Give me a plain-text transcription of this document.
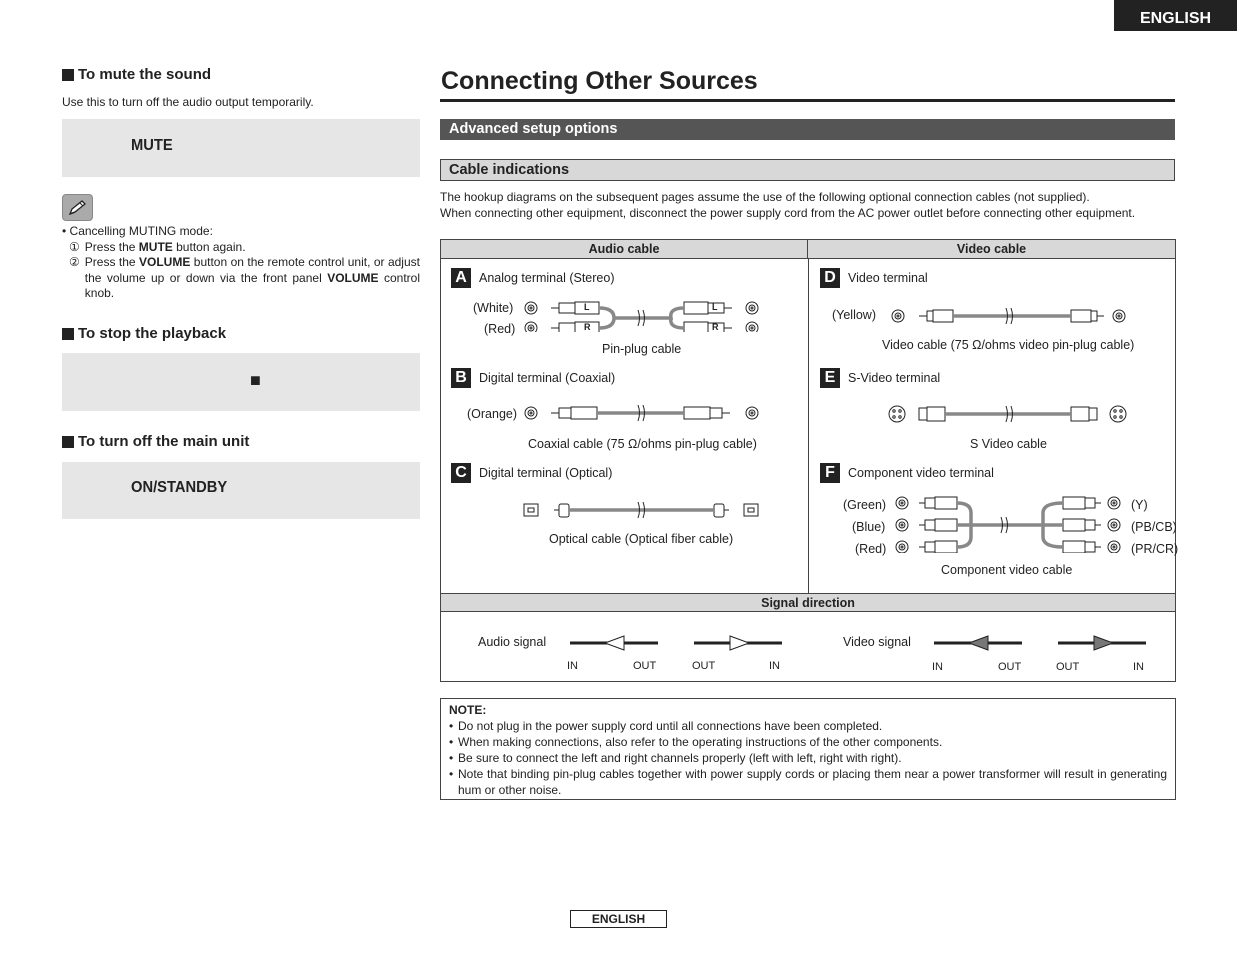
ENGLISH
To mute the sound
Use this to turn off the audio output temporarily.
MUTE
• Cancelling MUTING mode:
① Press the MUTE button again.
② Press the VOLUME button on the remote control unit, or adjust the volume up or down via the front panel VOLUME control knob.
To stop the playback
■
To turn off the main unit
ON/STANDBY
Connecting Other Sources
Advanced setup options
Cable indications
The hookup diagrams on the subsequent pages assume the use of the following optional connection cables (not supplied).
When connecting other equipment, disconnect the power supply cord from the AC power outlet before connecting other equipment.
Audio cable	Video cable
A Analog terminal (Stereo)
(White)
(Red)
L
R
L
R
Pin-plug cable
B Digital terminal (Coaxial)
(Orange)
Coaxial cable (75 Ω/ohms pin-plug cable)
C Digital terminal (Optical)
Optical cable (Optical fiber cable)
D Video terminal
(Yellow)
Video cable (75 Ω/ohms video pin-plug cable)
E	S-Video terminal
S Video cable
F	Component video terminal
(Green)
(Blue)
(Red)
(Y)
(PB/CB)
(PR/CR)
Component video cable
Signal direction
Audio signal
IN	OUT	OUT	IN
Video signal
IN	OUT	OUT	IN
NOTE:
• Do not plug in the power supply cord until all connections have been completed.
• When making connections, also refer to the operating instructions of the other components.
• Be sure to connect the left and right channels properly (left with left, right with right).
• Note that binding pin-plug cables together with power supply cords or placing them near a power transformer will result in generating hum or other noise.
ENGLISH
